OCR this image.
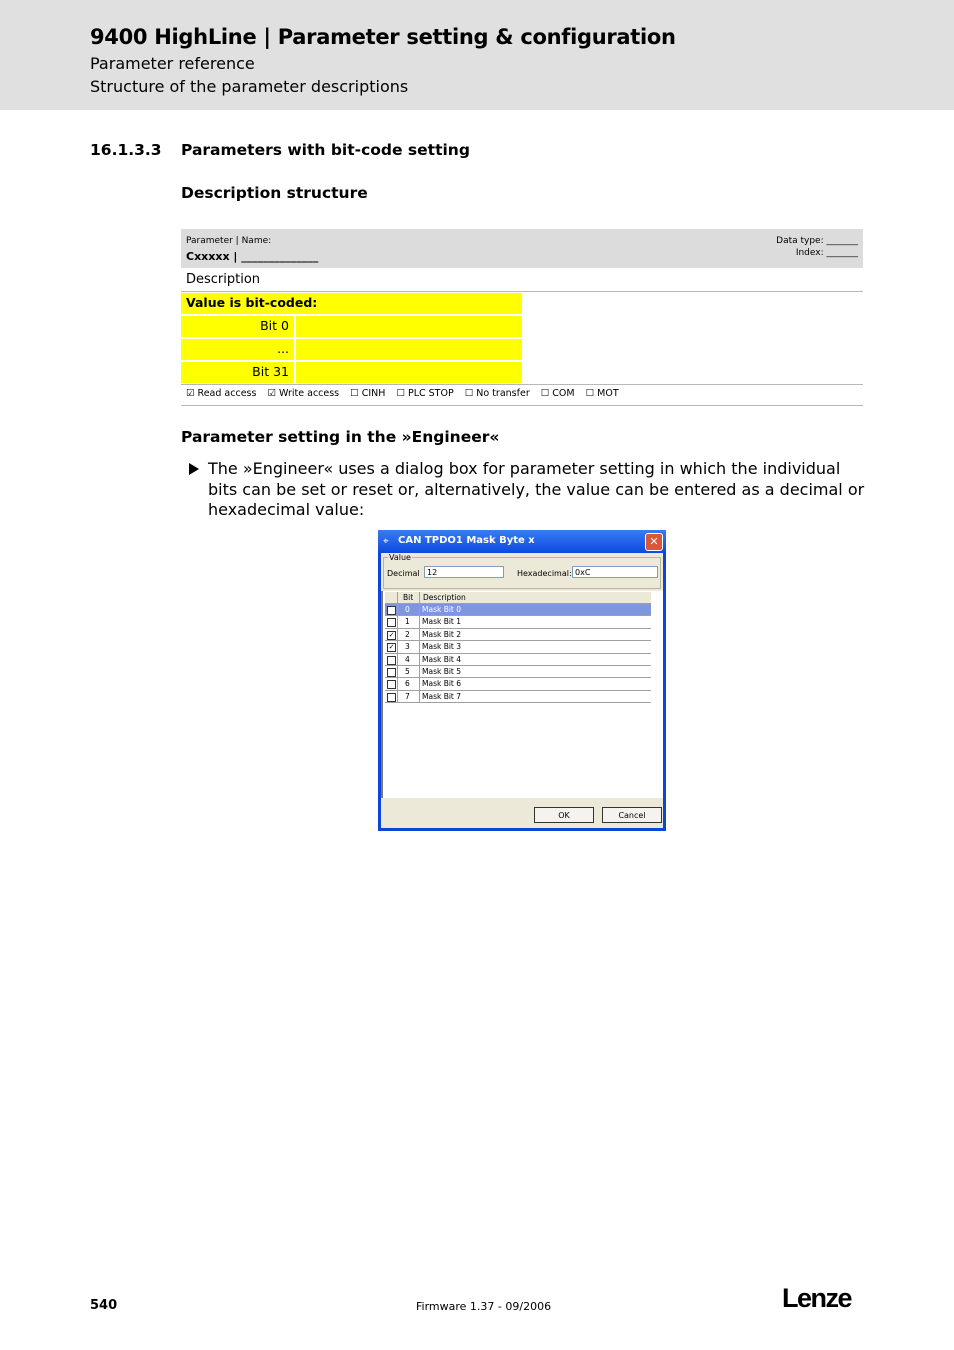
9400 HighLine | Parameter setting & configuration
Parameter reference
Structure of the parameter descriptions
16.1.3.3 Parameters with bit-code setting
Description structure
Parameter | Name:
Cxxxxx | ______________
Data type: _______
Index: _______
Description
Value is bit-coded:
Bit 0
...
Bit 31
☑ Read access ☑ Write access ☐ CINH ☐ PLC STOP ☐ No transfer ☐ COM ☐ MOT
Parameter setting in the »Engineer«
The »Engineer« uses a dialog box for parameter setting in which the individual bits can be set or reset or, alternatively, the value can be entered as a decimal or hexadecimal value:
⌖ CAN TPDO1 Mask Byte x	✕
Value
Decimal 12	Hexadecimal: 0xC
Bit Description
0 Mask Bit 0
1 Mask Bit 1
✓ 2 Mask Bit 2
✓ 3 Mask Bit 3
4 Mask Bit 4
5 Mask Bit 5
6 Mask Bit 6
7 Mask Bit 7
OK	Cancel
540	Firmware 1.37 - 09/2006	Lenze
